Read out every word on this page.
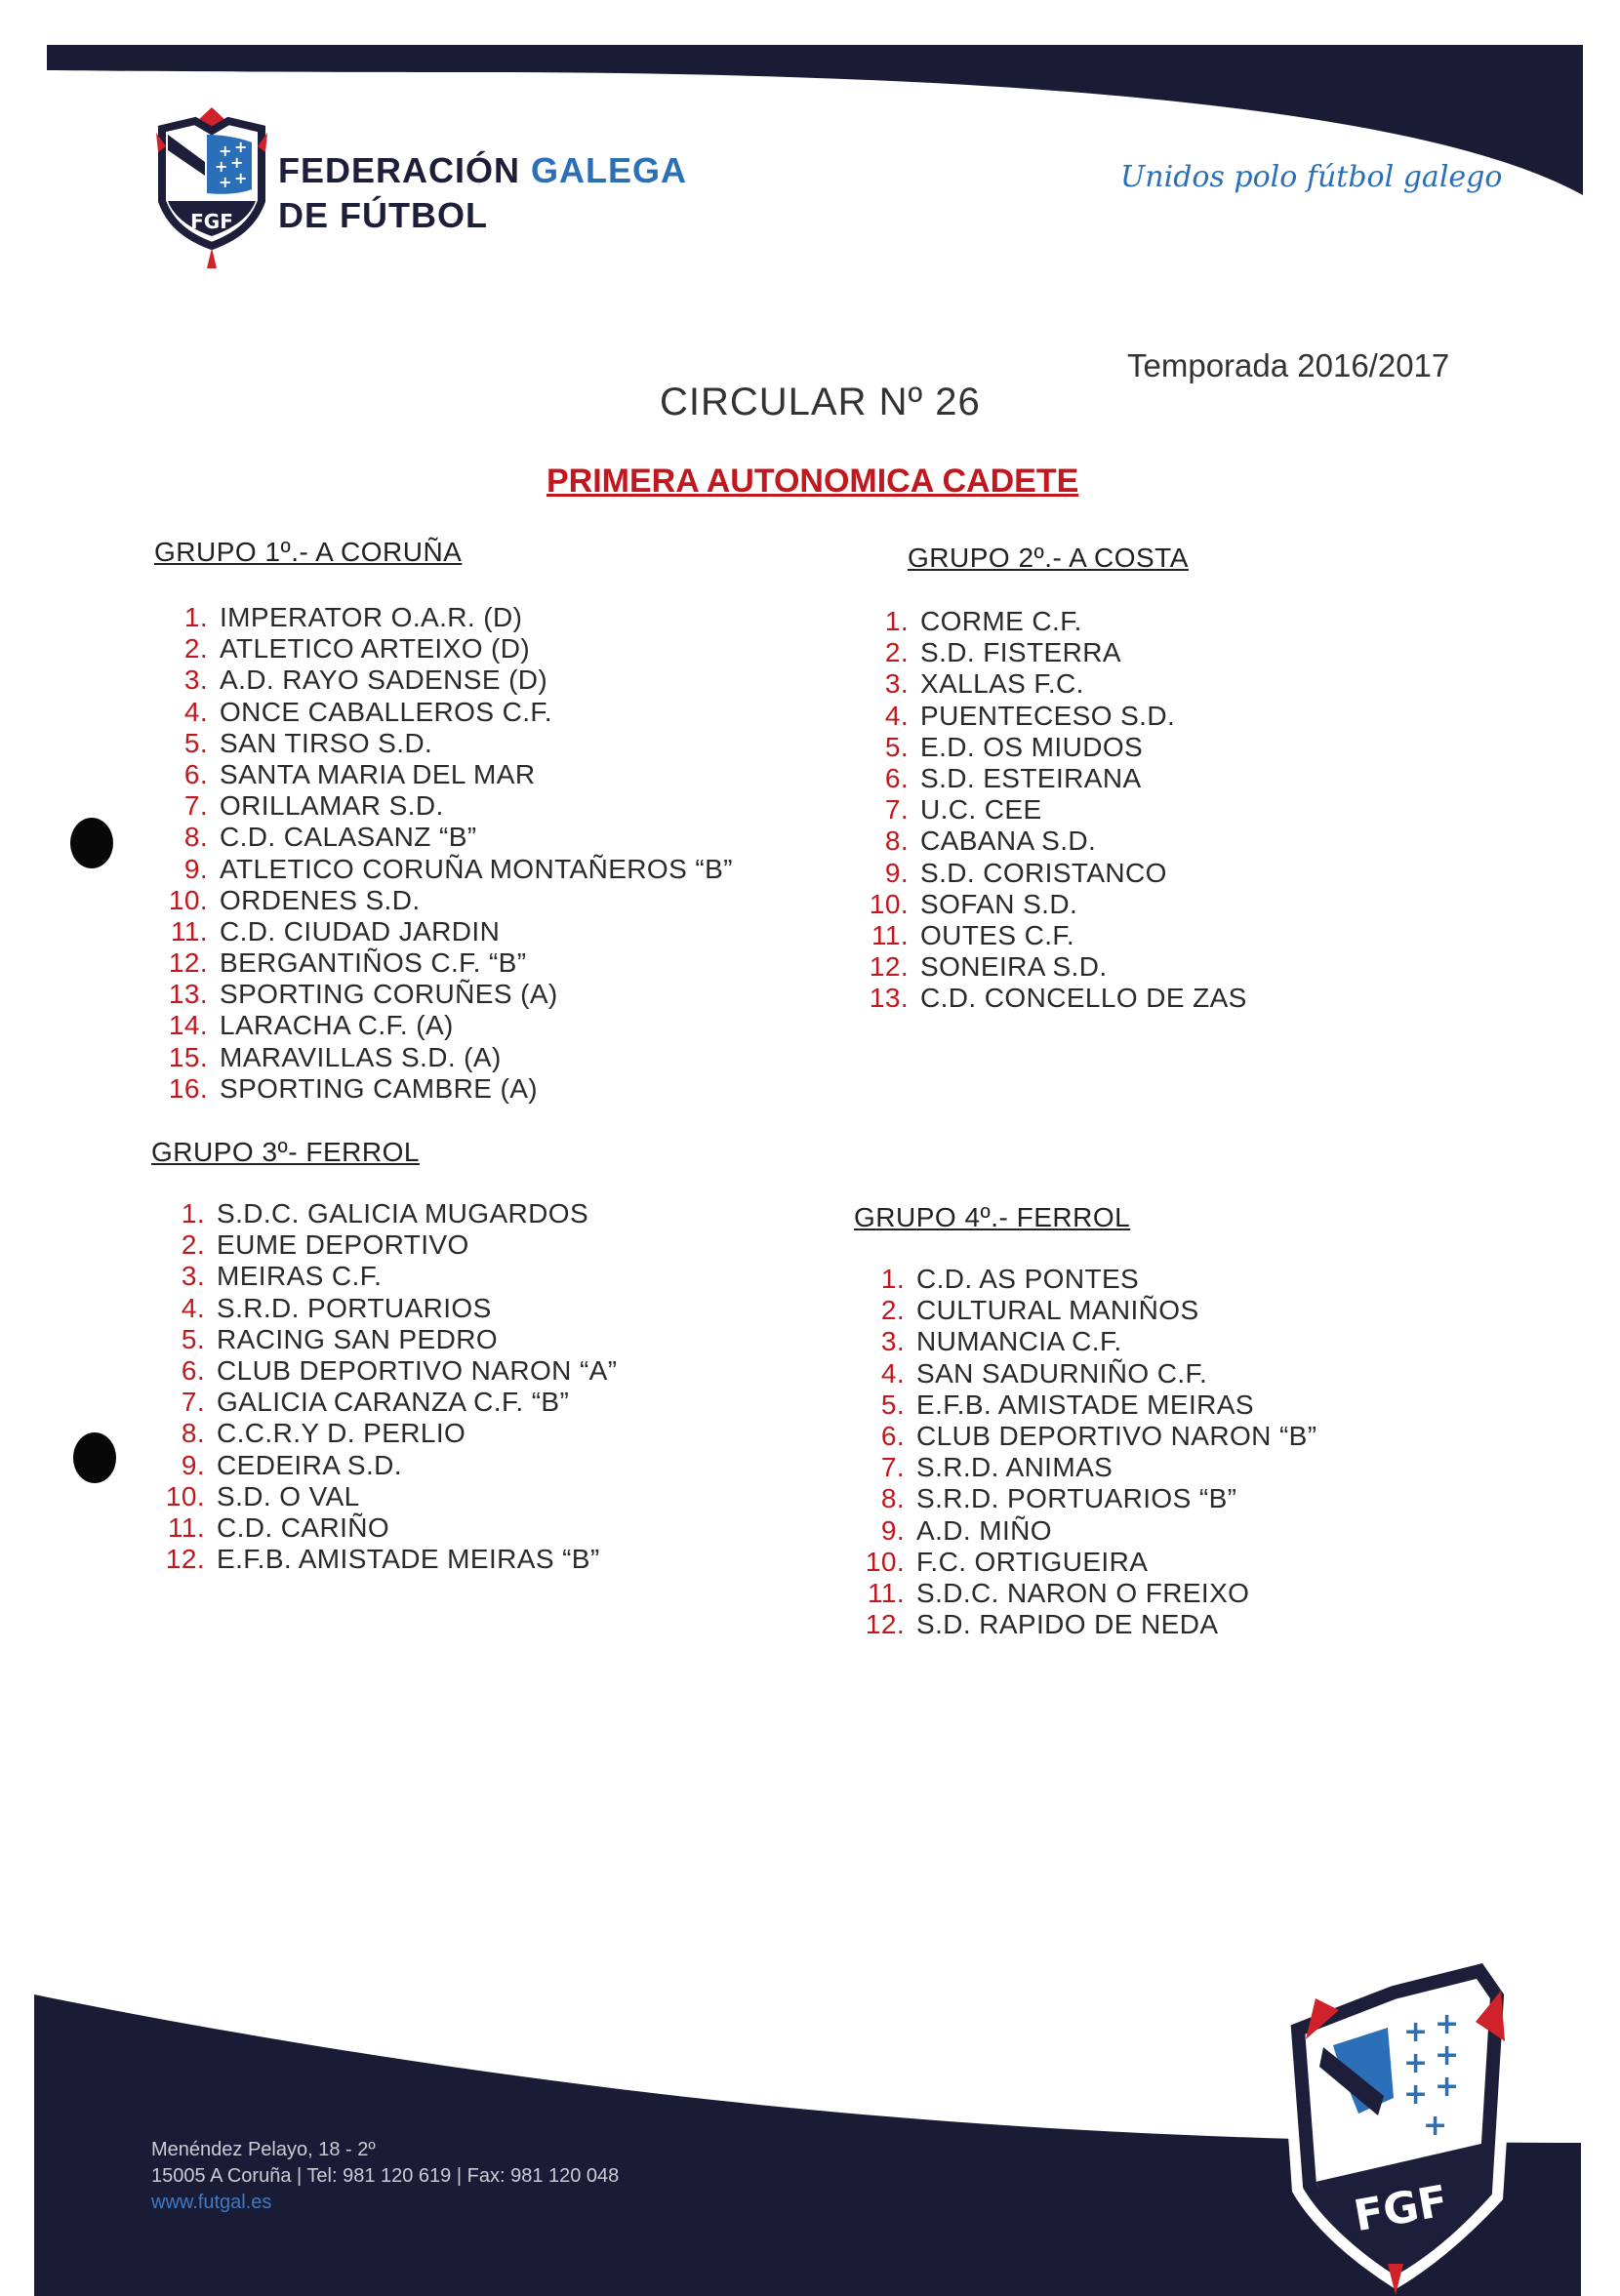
+ +
+ +
+ +
FGF
FEDERACIÓN GALEGA
DE FÚTBOL
Unidos polo fútbol galego
Temporada 2016/2017
CIRCULAR Nº 26
PRIMERA AUTONOMICA CADETE
GRUPO 1º.- A CORUÑA
1. IMPERATOR O.A.R. (D)
2. ATLETICO ARTEIXO (D)
3. A.D. RAYO SADENSE (D)
4. ONCE CABALLEROS C.F.
5. SAN TIRSO S.D.
6. SANTA MARIA DEL MAR
7. ORILLAMAR S.D.
8. C.D. CALASANZ “B”
9. ATLETICO CORUÑA MONTAÑEROS “B”
10. ORDENES S.D.
11. C.D. CIUDAD JARDIN
12. BERGANTIÑOS C.F. “B”
13. SPORTING CORUÑES (A)
14. LARACHA C.F. (A)
15. MARAVILLAS S.D. (A)
16. SPORTING CAMBRE (A)
GRUPO 2º.- A COSTA
1. CORME C.F.
2. S.D. FISTERRA
3. XALLAS F.C.
4. PUENTECESO S.D.
5. E.D. OS MIUDOS
6. S.D. ESTEIRANA
7. U.C. CEE
8. CABANA S.D.
9. S.D. CORISTANCO
10. SOFAN S.D.
11. OUTES C.F.
12. SONEIRA S.D.
13. C.D. CONCELLO DE ZAS
GRUPO 3º- FERROL
1. S.D.C. GALICIA MUGARDOS
2. EUME DEPORTIVO
3. MEIRAS C.F.
4. S.R.D. PORTUARIOS
5. RACING SAN PEDRO
6. CLUB DEPORTIVO NARON “A”
7. GALICIA CARANZA C.F. “B”
8. C.C.R.Y D. PERLIO
9. CEDEIRA S.D.
10. S.D. O VAL
11. C.D. CARIÑO
12. E.F.B. AMISTADE MEIRAS “B”
GRUPO 4º.- FERROL
1. C.D. AS PONTES
2. CULTURAL MANIÑOS
3. NUMANCIA C.F.
4. SAN SADURNIÑO C.F.
5. E.F.B. AMISTADE MEIRAS
6. CLUB DEPORTIVO NARON “B”
7. S.R.D. ANIMAS
8. S.R.D. PORTUARIOS “B”
9. A.D. MIÑO
10. F.C. ORTIGUEIRA
11. S.D.C. NARON O FREIXO
12. S.D. RAPIDO DE NEDA
+ +
+ +
+ +
+
FGF
Menéndez Pelayo, 18 - 2º
15005 A Coruña | Tel: 981 120 619 | Fax: 981 120 048
www.futgal.es
